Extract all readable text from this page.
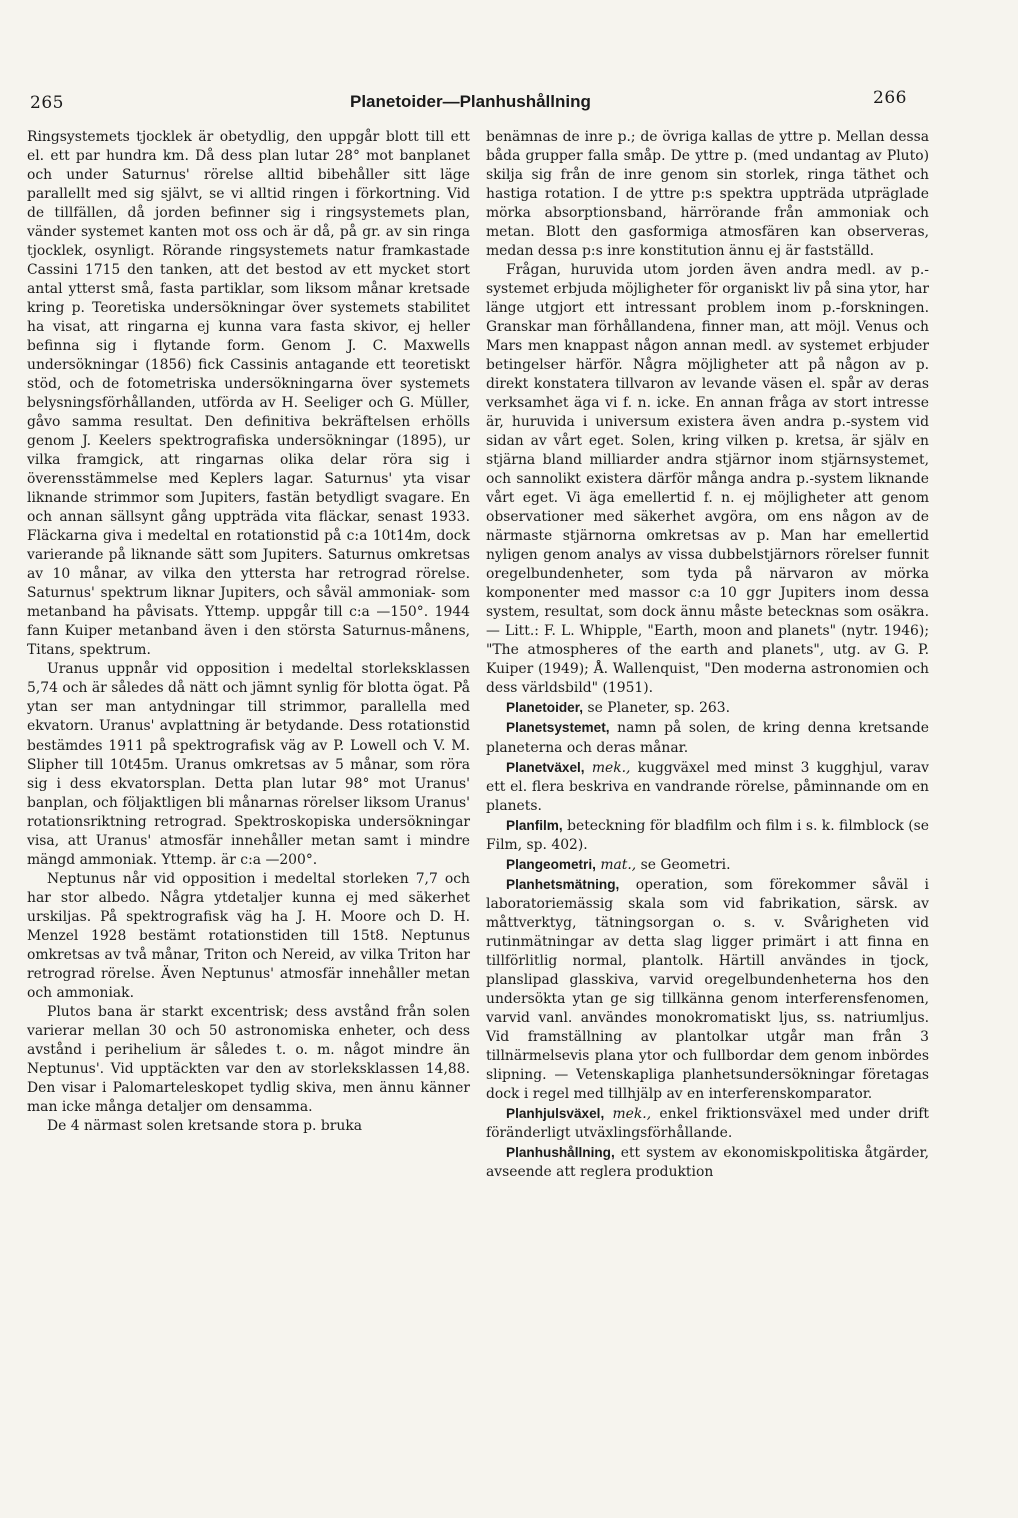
265	Planetoider—Planhushållning	266

Ringsystemets tjocklek är obetydlig, den uppgår blott till ett el. ett par hundra km. Då dess plan lutar 28° mot banplanet och under Saturnus' rörelse alltid bibehåller sitt läge parallellt med sig självt, se vi alltid ringen i förkortning. Vid de tillfällen, då jorden befinner sig i ringsystemets plan, vänder systemet kanten mot oss och är då, på gr. av sin ringa tjocklek, osynligt. Rörande ringsystemets natur framkastade Cassini 1715 den tanken, att det bestod av ett mycket stort antal ytterst små, fasta partiklar, som liksom månar kretsade kring p. Teoretiska undersökningar över systemets stabilitet ha visat, att ringarna ej kunna vara fasta skivor, ej heller befinna sig i flytande form. Genom J. C. Maxwells undersökningar (1856) fick Cassinis antagande ett teoretiskt stöd, och de fotometriska undersökningarna över systemets belysningsförhållanden, utförda av H. Seeliger och G. Müller, gåvo samma resultat. Den definitiva bekräftelsen erhölls genom J. Keelers spektrografiska undersökningar (1895), ur vilka framgick, att ringarnas olika delar röra sig i överensstämmelse med Keplers lagar. Saturnus' yta visar liknande strimmor som Jupiters, fastän betydligt svagare. En och annan sällsynt gång uppträda vita fläckar, senast 1933. Fläckarna giva i medeltal en rotationstid på c:a 10t14m, dock varierande på liknande sätt som Jupiters. Saturnus omkretsas av 10 månar, av vilka den yttersta har retrograd rörelse. Saturnus' spektrum liknar Jupiters, och såväl ammoniak- som metanband ha påvisats. Yttemp. uppgår till c:a —150°. 1944 fann Kuiper metanband även i den största Saturnus-månens, Titans, spektrum.

Uranus uppnår vid opposition i medeltal storleksklassen 5,74 och är således då nätt och jämnt synlig för blotta ögat. På ytan ser man antydningar till strimmor, parallella med ekvatorn. Uranus' avplattning är betydande. Dess rotationstid bestämdes 1911 på spektrografisk väg av P. Lowell och V. M. Slipher till 10t45m. Uranus omkretsas av 5 månar, som röra sig i dess ekvatorsplan. Detta plan lutar 98° mot Uranus' banplan, och följaktligen bli månarnas rörelser liksom Uranus' rotationsriktning retrograd. Spektroskopiska undersökningar visa, att Uranus' atmosfär innehåller metan samt i mindre mängd ammoniak. Yttemp. är c:a —200°.

Neptunus når vid opposition i medeltal storleken 7,7 och har stor albedo. Några ytdetaljer kunna ej med säkerhet urskiljas. På spektrografisk väg ha J. H. Moore och D. H. Menzel 1928 bestämt rotationstiden till 15t8. Neptunus omkretsas av två månar, Triton och Nereid, av vilka Triton har retrograd rörelse. Även Neptunus' atmosfär innehåller metan och ammoniak.

Plutos bana är starkt excentrisk; dess avstånd från solen varierar mellan 30 och 50 astronomiska enheter, och dess avstånd i perihelium är således t. o. m. något mindre än Neptunus'. Vid upptäckten var den av storleksklassen 14,88. Den visar i Palomarteleskopet tydlig skiva, men ännu känner man icke många detaljer om densamma.

De 4 närmast solen kretsande stora p. bruka

benämnas de inre p.; de övriga kallas de yttre p. Mellan dessa båda grupper falla småp. De yttre p. (med undantag av Pluto) skilja sig från de inre genom sin storlek, ringa täthet och hastiga rotation. I de yttre p:s spektra uppträda utpräglade mörka absorptionsband, härrörande från ammoniak och metan. Blott den gasformiga atmosfären kan observeras, medan dessa p:s inre konstitution ännu ej är fastställd.

Frågan, huruvida utom jorden även andra medl. av p.-systemet erbjuda möjligheter för organiskt liv på sina ytor, har länge utgjort ett intressant problem inom p.-forskningen. Granskar man förhållandena, finner man, att möjl. Venus och Mars men knappast någon annan medl. av systemet erbjuder betingelser härför. Några möjligheter att på någon av p. direkt konstatera tillvaron av levande väsen el. spår av deras verksamhet äga vi f. n. icke. En annan fråga av stort intresse är, huruvida i universum existera även andra p.-system vid sidan av vårt eget. Solen, kring vilken p. kretsa, är själv en stjärna bland milliarder andra stjärnor inom stjärnsystemet, och sannolikt existera därför många andra p.-system liknande vårt eget. Vi äga emellertid f. n. ej möjligheter att genom observationer med säkerhet avgöra, om ens någon av de närmaste stjärnorna omkretsas av p. Man har emellertid nyligen genom analys av vissa dubbelstjärnors rörelser funnit oregelbundenheter, som tyda på närvaron av mörka komponenter med massor c:a 10 ggr Jupiters inom dessa system, resultat, som dock ännu måste betecknas som osäkra. — Litt.: F. L. Whipple, "Earth, moon and planets" (nytr. 1946); "The atmospheres of the earth and planets", utg. av G. P. Kuiper (1949); Å. Wallenquist, "Den moderna astronomien och dess världsbild" (1951).

Planetoider, se Planeter, sp. 263.

Planetsystemet, namn på solen, de kring denna kretsande planeterna och deras månar.

Planetväxel, mek., kuggväxel med minst 3 kugghjul, varav ett el. flera beskriva en vandrande rörelse, påminnande om en planets.

Planfilm, beteckning för bladfilm och film i s. k. filmblock (se Film, sp. 402).

Plangeometri, mat., se Geometri.

Planhetsmätning, operation, som förekommer såväl i laboratoriemässig skala som vid fabrikation, särsk. av måttverktyg, tätningsorgan o. s. v. Svårigheten vid rutinmätningar av detta slag ligger primärt i att finna en tillförlitlig normal, plantolk. Härtill användes in tjock, planslipad glasskiva, varvid oregelbundenheterna hos den undersökta ytan ge sig tillkänna genom interferensfenomen, varvid vanl. användes monokromatiskt ljus, ss. natriumljus. Vid framställning av plantolkar utgår man från 3 tillnärmelsevis plana ytor och fullbordar dem genom inbördes slipning. — Vetenskapliga planhetsundersökningar företagas dock i regel med tillhjälp av en interferenskomparator.

Planhjulsväxel, mek., enkel friktionsväxel med under drift föränderligt utväxlingsförhållande.

Planhushållning, ett system av ekonomiskpolitiska åtgärder, avseende att reglera produktion
